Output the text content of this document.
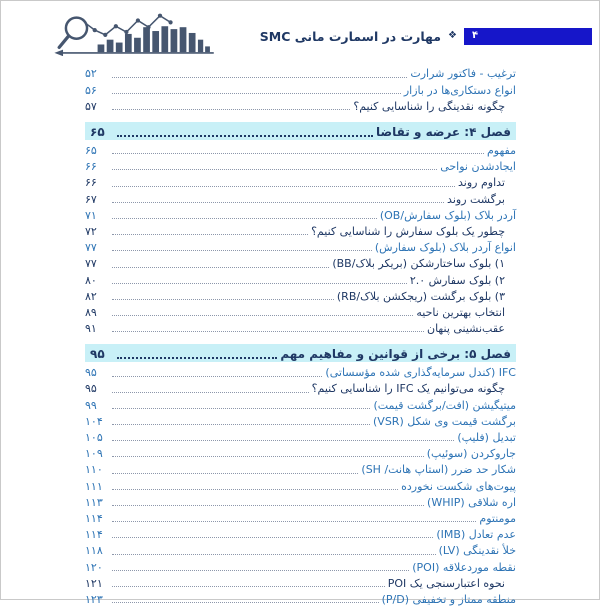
۴
❖
مهارت در اسمارت مانی SMC
ترغیب - فاکتور شرارت
۵۲
انواع دستکاری‌ها در بازار
۵۶
چگونه نقدینگی را شناسایی کنیم؟
۵۷
فصل ۴: عرضه و تقاضا
۶۵
مفهوم
۶۵
ایجادشدن نواحی
۶۶
تداوم روند
۶۶
برگشت روند
۶۷
آردر بلاک (بلوک سفارش/OB)
۷۱
چطور یک بلوک سفارش را شناسایی کنیم؟
۷۲
انواع آردر بلاک (بلوک سفارش)
۷۷
۱) بلوک ساختارشکن (بریکر بلاک/BB)
۷۷
۲) بلوک سفارش ۲.۰
۸۰
۳) بلوک برگشت (ریجکشن بلاک/RB)
۸۲
انتخاب بهترین ناحیه
۸۹
عقب‌نشینی پنهان
۹۱
فصل ۵: برخی از قوانین و مفاهیم مهم
۹۵
IFC (کندل سرمایه‌گذاری شده مؤسساتی)
۹۵
چگونه می‌توانیم یک IFC را شناسایی کنیم؟
۹۵
میتیگیشن (افت/برگشت قیمت)
۹۹
برگشت قیمت وی شکل (VSR)
۱۰۴
تبدیل (فلیپ)
۱۰۵
جاروکردن (سوئیپ)
۱۰۹
شکار حد ضرر (استاپ هانت/ SH)
۱۱۰
پیوت‌های شکست نخورده
۱۱۱
اره شلاقی (WHIP)
۱۱۳
مومنتوم
۱۱۴
عدم تعادل (IMB)
۱۱۴
خلأ نقدینگی (LV)
۱۱۸
نقطه موردعلاقه (POI)
۱۲۰
نحوه اعتبارسنجی یک POI
۱۲۱
منطقه ممتاز و تخفیفی (P/D)
۱۲۳
